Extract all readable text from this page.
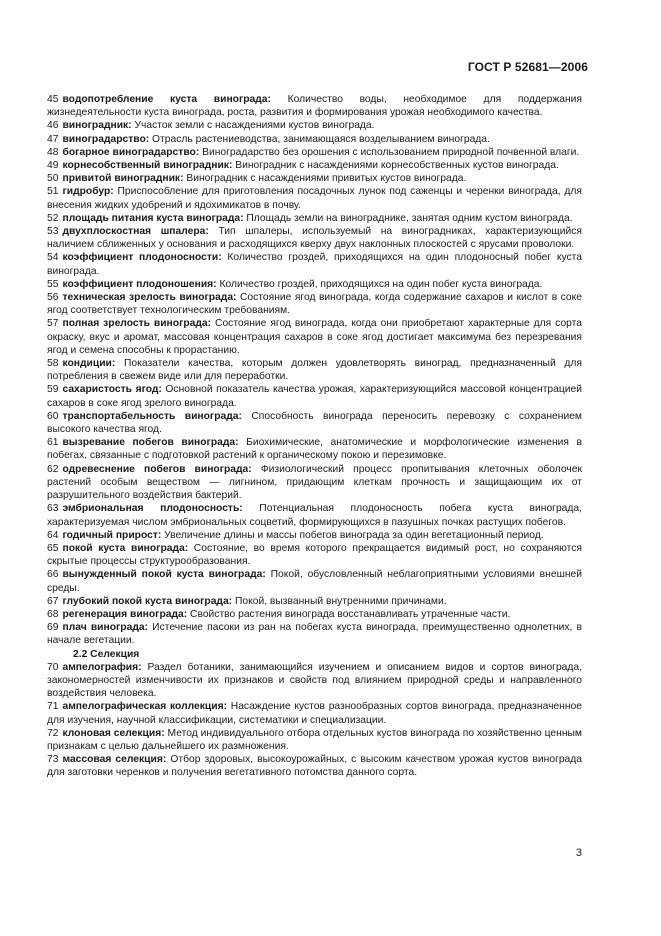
ГОСТ Р 52681—2006

45 водопотребление куста винограда: Количество воды, необходимое для поддержания жизнедеятельности куста винограда, роста, развития и формирования урожая необходимого качества.

46 виноградник: Участок земли с насаждениями кустов винограда.

47 виноградарство: Отрасль растениеводства, занимающаяся возделыванием винограда.

48 богарное виноградарство: Виноградарство без орошения с использованием природной почвенной влаги.

49 корнесобственный виноградник: Виноградник с насаждениями корнесобственных кустов винограда.

50 привитой виноградник: Виноградник с насаждениями привитых кустов винограда.

51 гидробур: Приспособление для приготовления посадочных лунок под саженцы и черенки винограда, для внесения жидких удобрений и ядохимикатов в почву.

52 площадь питания куста винограда: Площадь земли на винограднике, занятая одним кустом винограда.

53 двухплоскостная шпалера: Тип шпалеры, используемый на виноградниках, характеризующийся наличием сближенных у основания и расходящихся кверху двух наклонных плоскостей с ярусами проволоки.

54 коэффициент плодоносности: Количество гроздей, приходящихся на один плодоносный побег куста винограда.

55 коэффициент плодоношения: Количество гроздей, приходящихся на один побег куста винограда.

56 техническая зрелость винограда: Состояние ягод винограда, когда содержание сахаров и кислот в соке ягод соответствует технологическим требованиям.

57 полная зрелость винограда: Состояние ягод винограда, когда они приобретают характерные для сорта окраску, вкус и аромат, массовая концентрация сахаров в соке ягод достигает максимума без перезревания ягод и семена способны к прорастанию.

58 кондиции: Показатели качества, которым должен удовлетворять виноград, предназначенный для потребления в свежем виде или для переработки.

59 сахаристость ягод: Основной показатель качества урожая, характеризующийся массовой концентрацией сахаров в соке ягод зрелого винограда.

60 транспортабельность винограда: Способность винограда переносить перевозку с сохранением высокого качества ягод.

61 вызревание побегов винограда: Биохимические, анатомические и морфологические изменения в побегах, связанные с подготовкой растений к органическому покою и перезимовке.

62 одревеснение побегов винограда: Физиологический процесс пропитывания клеточных оболочек растений особым веществом — лигнином, придающим клеткам прочность и защищающим их от разрушительного воздействия бактерий.

63 эмбриональная плодоносность: Потенциальная плодоносность побега куста винограда, характеризуемая числом эмбриональных соцветий, формирующихся в пазушных почках растущих побегов.

64 годичный прирост: Увеличение длины и массы побегов винограда за один вегетационный период.

65 покой куста винограда: Состояние, во время которого прекращается видимый рост, но сохраняются скрытые процессы структурообразования.

66 вынужденный покой куста винограда: Покой, обусловленный неблагоприятными условиями внешней среды.

67 глубокий покой куста винограда: Покой, вызванный внутренними причинами.

68 регенерация винограда: Свойство растения винограда восстанавливать утраченные части.

69 плач винограда: Истечение пасоки из ран на побегах куста винограда, преимущественно однолетних, в начале вегетации.

2.2 Селекция

70 ампелография: Раздел ботаники, занимающийся изучением и описанием видов и сортов винограда, закономерностей изменчивости их признаков и свойств под влиянием природной среды и направленного воздействия человека.

71 ампелографическая коллекция: Насаждение кустов разнообразных сортов винограда, предназначенное для изучения, научной классификации, систематики и специализации.

72 клоновая селекция: Метод индивидуального отбора отдельных кустов винограда по хозяйственно ценным признакам с целью дальнейшего их размножения.

73 массовая селекция: Отбор здоровых, высокоурожайных, с высоким качеством урожая кустов винограда для заготовки черенков и получения вегетативного потомства данного сорта.

3
